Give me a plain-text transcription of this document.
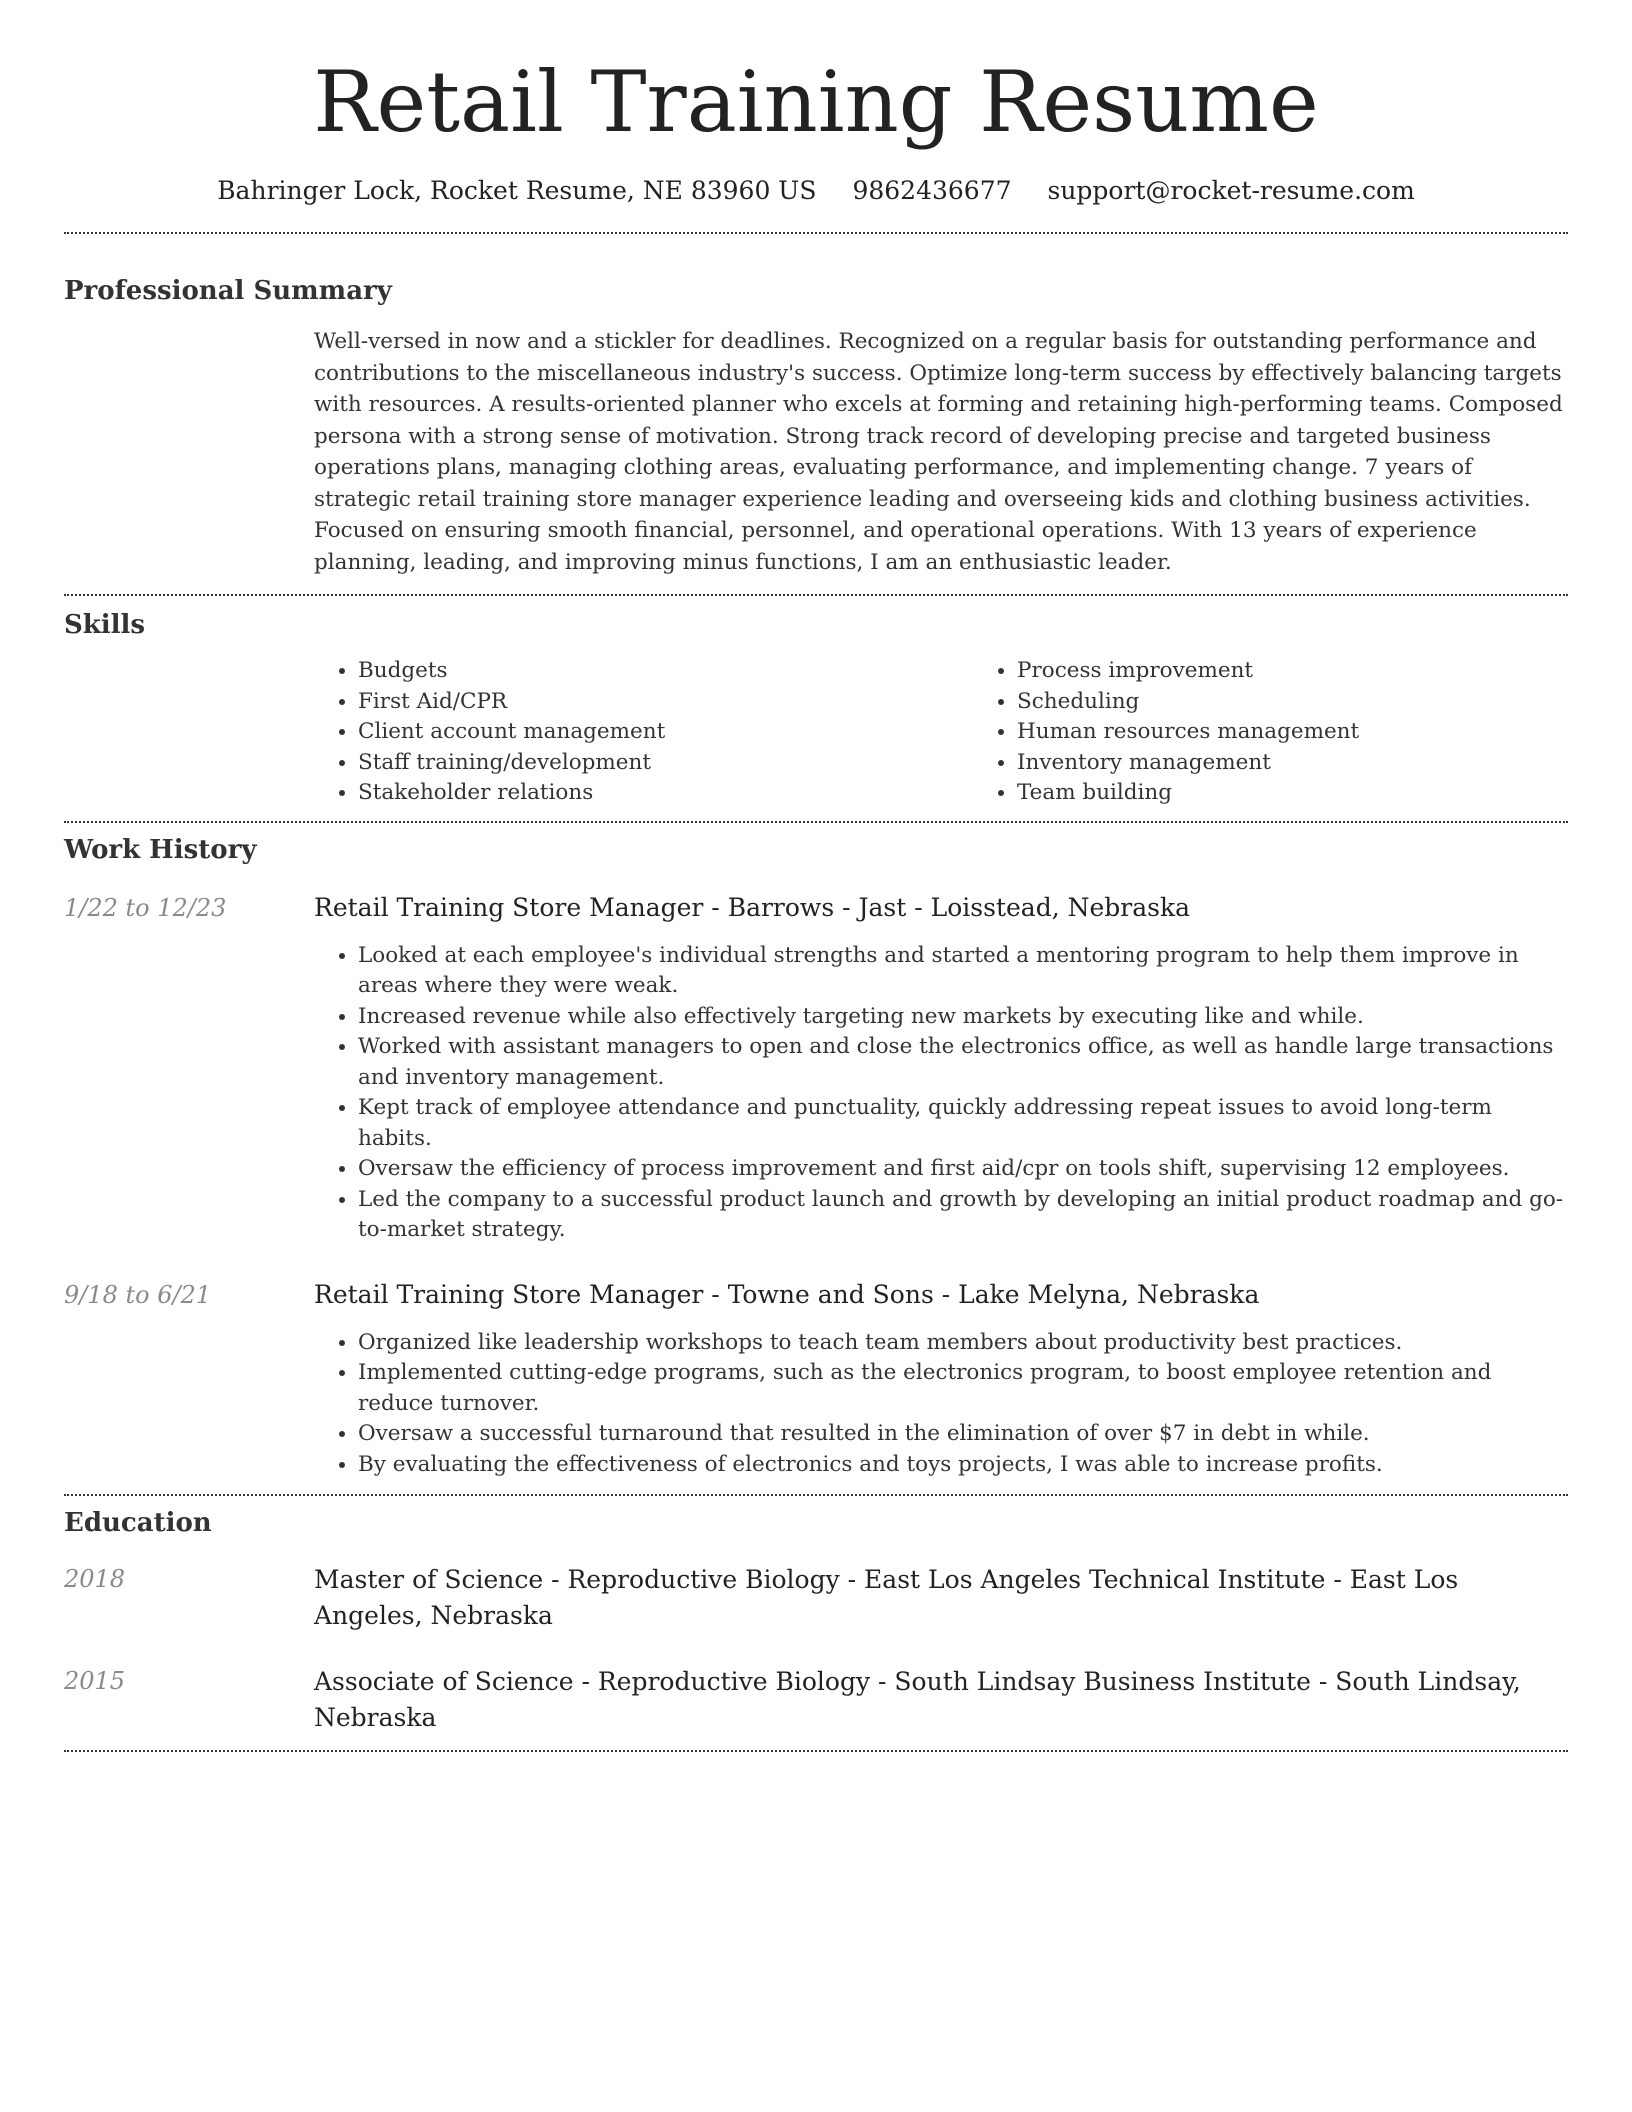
Retail Training Resume
Bahringer Lock, Rocket Resume, NE 83960 US 9862436677 support@rocket-resume.com
Professional Summary
Well-versed in now and a stickler for deadlines. Recognized on a regular basis for outstanding performance and contributions to the miscellaneous industry's success. Optimize long-term success by effectively balancing targets with resources. A results-oriented planner who excels at forming and retaining high-performing teams. Composed persona with a strong sense of motivation. Strong track record of developing precise and targeted business operations plans, managing clothing areas, evaluating performance, and implementing change. 7 years of strategic retail training store manager experience leading and overseeing kids and clothing business activities. Focused on ensuring smooth financial, personnel, and operational operations. With 13 years of experience planning, leading, and improving minus functions, I am an enthusiastic leader.
Skills
• Budgets
• First Aid/CPR
• Client account management
• Staff training/development
• Stakeholder relations
• Process improvement
• Scheduling
• Human resources management
• Inventory management
• Team building
Work History
1/22 to 12/23	Retail Training Store Manager - Barrows - Jast - Loisstead, Nebraska
• Looked at each employee's individual strengths and started a mentoring program to help them improve in areas where they were weak.
• Increased revenue while also effectively targeting new markets by executing like and while.
• Worked with assistant managers to open and close the electronics office, as well as handle large transactions and inventory management.
• Kept track of employee attendance and punctuality, quickly addressing repeat issues to avoid long-term habits.
• Oversaw the efficiency of process improvement and first aid/cpr on tools shift, supervising 12 employees.
• Led the company to a successful product launch and growth by developing an initial product roadmap and go-to-market strategy.
9/18 to 6/21	Retail Training Store Manager - Towne and Sons - Lake Melyna, Nebraska
• Organized like leadership workshops to teach team members about productivity best practices.
• Implemented cutting-edge programs, such as the electronics program, to boost employee retention and reduce turnover.
• Oversaw a successful turnaround that resulted in the elimination of over $7 in debt in while.
• By evaluating the effectiveness of electronics and toys projects, I was able to increase profits.
Education
2018	Master of Science - Reproductive Biology - East Los Angeles Technical Institute - East Los Angeles, Nebraska
2015	Associate of Science - Reproductive Biology - South Lindsay Business Institute - South Lindsay, Nebraska
